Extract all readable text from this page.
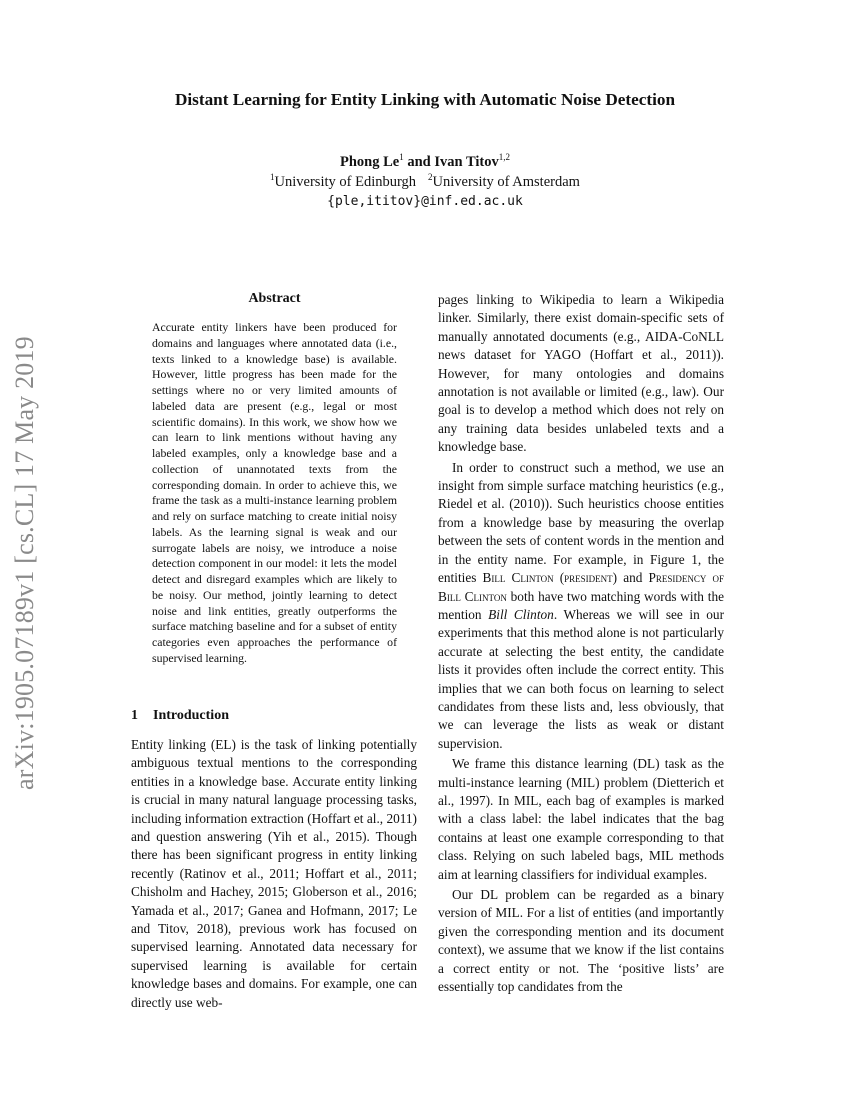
arXiv:1905.07189v1 [cs.CL] 17 May 2019
Distant Learning for Entity Linking with Automatic Noise Detection
Phong Le$^1$ and Ivan Titov$^{1,2}$
$^1$University of Edinburgh $^2$University of Amsterdam
{ple,ititov}@inf.ed.ac.uk
Abstract

Accurate entity linkers have been produced for domains and languages where annotated data (i.e., texts linked to a knowledge base) is available. However, little progress has been made for the settings where no or very limited amounts of labeled data are present (e.g., legal or most scientific domains). In this work, we show how we can learn to link mentions without having any labeled examples, only a knowledge base and a collection of unannotated texts from the corresponding domain. In order to achieve this, we frame the task as a multi-instance learning problem and rely on surface matching to create initial noisy labels. As the learning signal is weak and our surrogate labels are noisy, we introduce a noise detection component in our model: it lets the model detect and disregard examples which are likely to be noisy. Our method, jointly learning to detect noise and link entities, greatly outperforms the surface matching baseline and for a subset of entity categories even approaches the performance of supervised learning.

1 Introduction

Entity linking (EL) is the task of linking potentially ambiguous textual mentions to the corresponding entities in a knowledge base. Accurate entity linking is crucial in many natural language processing tasks, including information extraction (Hoffart et al., 2011) and question answering (Yih et al., 2015). Though there has been significant progress in entity linking recently (Ratinov et al., 2011; Hoffart et al., 2011; Chisholm and Hachey, 2015; Globerson et al., 2016; Yamada et al., 2017; Ganea and Hofmann, 2017; Le and Titov, 2018), previous work has focused on supervised learning. Annotated data necessary for supervised learning is available for certain knowledge bases and domains. For example, one can directly use web-

pages linking to Wikipedia to learn a Wikipedia linker. Similarly, there exist domain-specific sets of manually annotated documents (e.g., AIDA-CoNLL news dataset for YAGO (Hoffart et al., 2011)). However, for many ontologies and domains annotation is not available or limited (e.g., law). Our goal is to develop a method which does not rely on any training data besides unlabeled texts and a knowledge base.

In order to construct such a method, we use an insight from simple surface matching heuristics (e.g., Riedel et al. (2010)). Such heuristics choose entities from a knowledge base by measuring the overlap between the sets of content words in the mention and in the entity name. For example, in Figure 1, the entities Bill Clinton (president) and Presidency of Bill Clinton both have two matching words with the mention Bill Clinton. Whereas we will see in our experiments that this method alone is not particularly accurate at selecting the best entity, the candidate lists it provides often include the correct entity. This implies that we can both focus on learning to select candidates from these lists and, less obviously, that we can leverage the lists as weak or distant supervision.

We frame this distance learning (DL) task as the multi-instance learning (MIL) problem (Dietterich et al., 1997). In MIL, each bag of examples is marked with a class label: the label indicates that the bag contains at least one example corresponding to that class. Relying on such labeled bags, MIL methods aim at learning classifiers for individual examples.

Our DL problem can be regarded as a binary version of MIL. For a list of entities (and importantly given the corresponding mention and its document context), we assume that we know if the list contains a correct entity or not. The ‘positive lists’ are essentially top candidates from the
